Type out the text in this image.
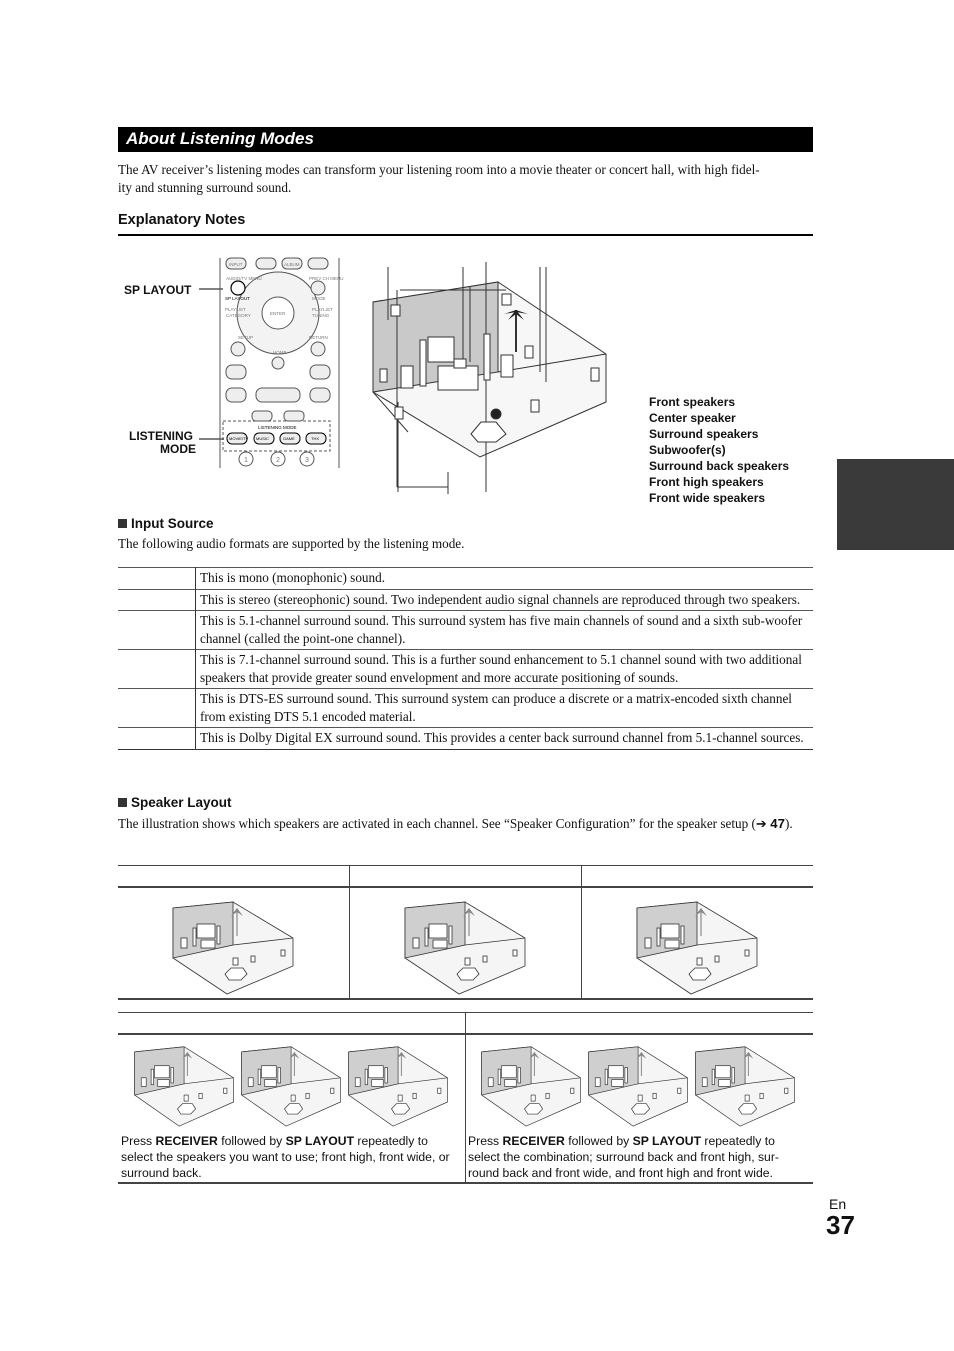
About Listening Modes
The AV receiver’s listening modes can transform your listening room into a movie theater or concert hall, with high fidel-
ity and stunning surround sound.
Explanatory Notes
SP LAYOUT
LISTENING
MODE
INPUT	ALBUM
AUDIO/TV MENU	PREV CH MENU
SP LAYOUT	MODE
PLAYLIST	PLAYLIST
CATEGORY	TUNING
ENTER
SETUP	RETURN
HOME
LISTENING MODE
MOVIE/TV MUSIC	GAME	THX
1	2	3
Front speakers
Center speaker
Surround speakers
Subwoofer(s)
Surround back speakers
Front high speakers
Front wide speakers
Input Source
The following audio formats are supported by the listening mode.
	This is mono (monophonic) sound.
	This is stereo (stereophonic) sound. Two independent audio signal channels are reproduced through two speakers.
	This is 5.1-channel surround sound. This surround system has five main channels of sound and a sixth sub-woofer channel (called the point-one channel).
	This is 7.1-channel surround sound. This is a further sound enhancement to 5.1 channel sound with two additional speakers that provide greater sound envelopment and more accurate positioning of sounds.
	This is DTS-ES surround sound. This surround system can produce a discrete or a matrix-encoded sixth channel from existing DTS 5.1 encoded material.
	This is Dolby Digital EX surround sound. This provides a center back surround channel from 5.1-channel sources.
Speaker Layout
The illustration shows which speakers are activated in each channel. See “Speaker Configuration” for the speaker setup (➔ 47).
Press RECEIVER followed by SP LAYOUT repeatedly to select the speakers you want to use; front high, front wide, or surround back.
Press RECEIVER followed by SP LAYOUT repeatedly to select the combination; surround back and front high, sur-round back and front wide, and front high and front wide.
En
37
